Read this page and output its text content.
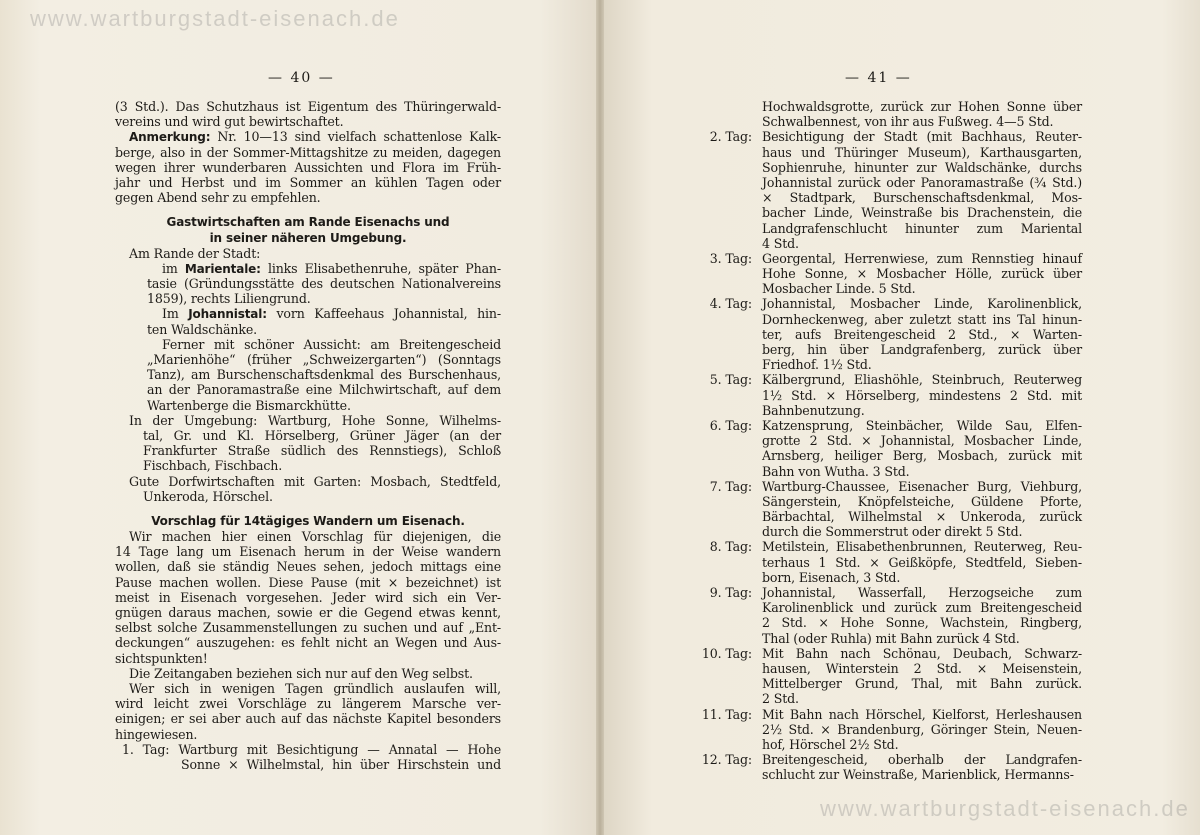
www.wartburgstadt-eisenach.de
www.wartburgstadt-eisenach.de
— 40 —
(3 Std.). Das Schutzhaus ist Eigentum des Thüringerwald-
vereins und wird gut bewirtschaftet.
Anmerkung: Nr. 10—13 sind vielfach schattenlose Kalk-
berge, also in der Sommer-Mittagshitze zu meiden, dagegen
wegen ihrer wunderbaren Aussichten und Flora im Früh-
jahr und Herbst und im Sommer an kühlen Tagen oder
gegen Abend sehr zu empfehlen.
Gastwirtschaften am Rande Eisenachs und
in seiner näheren Umgebung.
Am Rande der Stadt:
im Marientale: links Elisabethenruhe, später Phan-
tasie (Gründungsstätte des deutschen Nationalvereins
1859), rechts Liliengrund.
Im Johannistal: vorn Kaffeehaus Johannistal, hin-
ten Waldschänke.
Ferner mit schöner Aussicht: am Breitengescheid
„Marienhöhe“ (früher „Schweizergarten“) (Sonntags
Tanz), am Burschenschaftsdenkmal des Burschenhaus,
an der Panoramastraße eine Milchwirtschaft, auf dem
Wartenberge die Bismarckhütte.
In der Umgebung: Wartburg, Hohe Sonne, Wilhelms-
tal, Gr. und Kl. Hörselberg, Grüner Jäger (an der
Frankfurter Straße südlich des Rennstiegs), Schloß
Fischbach, Fischbach.
Gute Dorfwirtschaften mit Garten: Mosbach, Stedtfeld,
Unkeroda, Hörschel.
Vorschlag für 14tägiges Wandern um Eisenach.
Wir machen hier einen Vorschlag für diejenigen, die
14 Tage lang um Eisenach herum in der Weise wandern
wollen, daß sie ständig Neues sehen, jedoch mittags eine
Pause machen wollen. Diese Pause (mit × bezeichnet) ist
meist in Eisenach vorgesehen. Jeder wird sich ein Ver-
gnügen daraus machen, sowie er die Gegend etwas kennt,
selbst solche Zusammenstellungen zu suchen und auf „Ent-
deckungen“ auszugehen: es fehlt nicht an Wegen und Aus-
sichtspunkten!
Die Zeitangaben beziehen sich nur auf den Weg selbst.
Wer sich in wenigen Tagen gründlich auslaufen will,
wird leicht zwei Vorschläge zu längerem Marsche ver-
einigen; er sei aber auch auf das nächste Kapitel besonders
hingewiesen.
1. Tag: Wartburg mit Besichtigung — Annatal — Hohe
Sonne × Wilhelmstal, hin über Hirschstein und
— 41 —
Hochwaldsgrotte, zurück zur Hohen Sonne über
Schwalbennest, von ihr aus Fußweg. 4—5 Std.
2. Tag: Besichtigung der Stadt (mit Bachhaus, Reuter-
haus und Thüringer Museum), Karthausgarten,
Sophienruhe, hinunter zur Waldschänke, durchs
Johannistal zurück oder Panoramastraße (¾ Std.)
× Stadtpark, Burschenschaftsdenkmal, Mos-
bacher Linde, Weinstraße bis Drachenstein, die
Landgrafenschlucht hinunter zum Mariental
4 Std.
3. Tag: Georgental, Herrenwiese, zum Rennstieg hinauf
Hohe Sonne, × Mosbacher Hölle, zurück über
Mosbacher Linde. 5 Std.
4. Tag: Johannistal, Mosbacher Linde, Karolinenblick,
Dornheckenweg, aber zuletzt statt ins Tal hinun-
ter, aufs Breitengescheid 2 Std., × Warten-
berg, hin über Landgrafenberg, zurück über
Friedhof. 1½ Std.
5. Tag: Kälbergrund, Eliashöhle, Steinbruch, Reuterweg
1½ Std. × Hörselberg, mindestens 2 Std. mit
Bahnbenutzung.
6. Tag: Katzensprung, Steinbächer, Wilde Sau, Elfen-
grotte 2 Std. × Johannistal, Mosbacher Linde,
Arnsberg, heiliger Berg, Mosbach, zurück mit
Bahn von Wutha. 3 Std.
7. Tag: Wartburg-Chaussee, Eisenacher Burg, Viehburg,
Sängerstein, Knöpfelsteiche, Güldene Pforte,
Bärbachtal, Wilhelmstal × Unkeroda, zurück
durch die Sommerstrut oder direkt 5 Std.
8. Tag: Metilstein, Elisabethenbrunnen, Reuterweg, Reu-
terhaus 1 Std. × Geißköpfe, Stedtfeld, Sieben-
born, Eisenach, 3 Std.
9. Tag: Johannistal, Wasserfall, Herzogseiche zum
Karolinenblick und zurück zum Breitengescheid
2 Std. × Hohe Sonne, Wachstein, Ringberg,
Thal (oder Ruhla) mit Bahn zurück 4 Std.
10. Tag: Mit Bahn nach Schönau, Deubach, Schwarz-
hausen, Winterstein 2 Std. × Meisenstein,
Mittelberger Grund, Thal, mit Bahn zurück.
2 Std.
11. Tag: Mit Bahn nach Hörschel, Kielforst, Herleshausen
2½ Std. × Brandenburg, Göringer Stein, Neuen-
hof, Hörschel 2½ Std.
12. Tag: Breitengescheid, oberhalb der Landgrafen-
schlucht zur Weinstraße, Marienblick, Hermanns-
